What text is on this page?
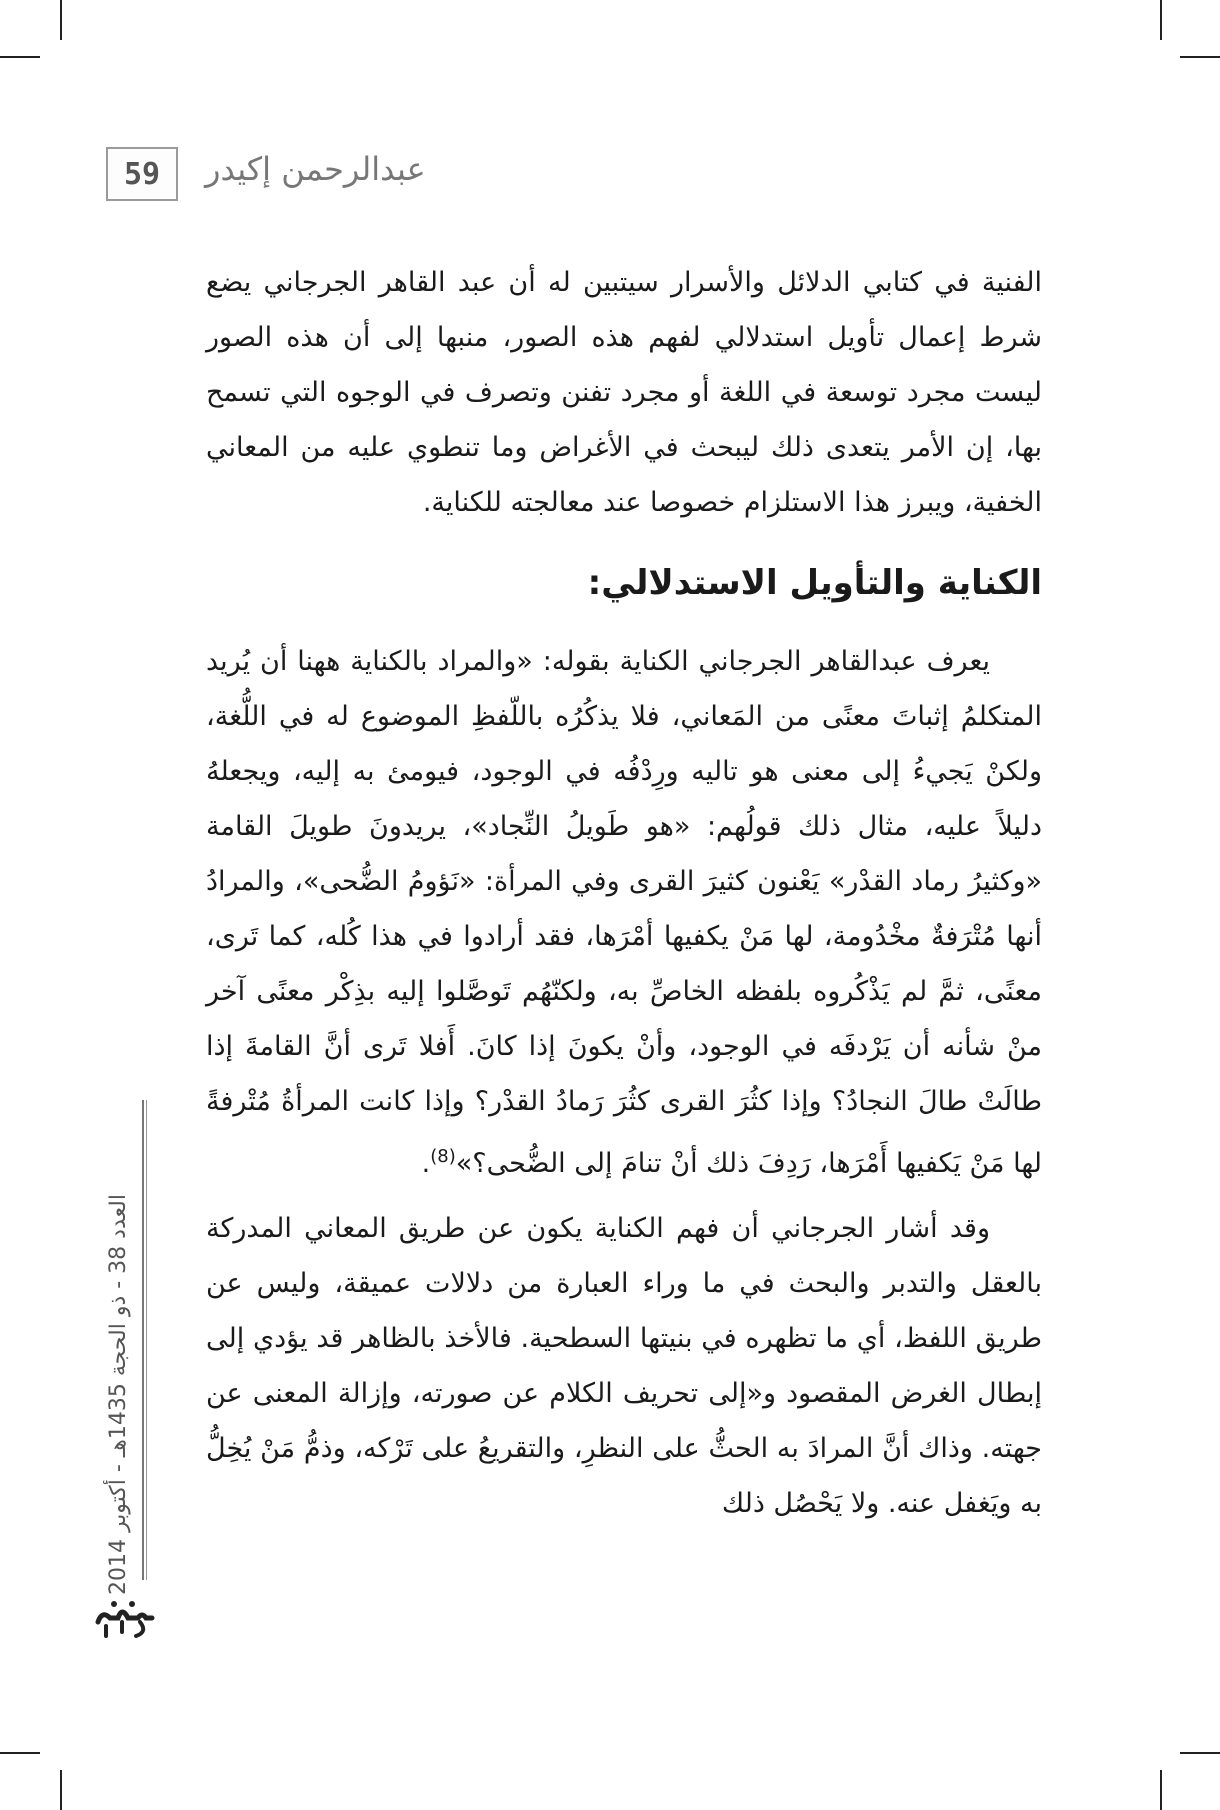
59	عبدالرحمن إكيدر

الفنية في كتابي الدلائل والأسرار سيتبين له أن عبد القاهر الجرجاني يضع شرط إعمال تأويل استدلالي لفهم هذه الصور، منبها إلى أن هذه الصور ليست مجرد توسعة في اللغة أو مجرد تفنن وتصرف في الوجوه التي تسمح بها، إن الأمر يتعدى ذلك ليبحث في الأغراض وما تنطوي عليه من المعاني الخفية، ويبرز هذا الاستلزام خصوصا عند معالجته للكناية.

الكناية والتأويل الاستدلالي:

يعرف عبدالقاهر الجرجاني الكناية بقوله: «والمراد بالكناية ههنا أن يُريد المتكلمُ إثباتَ معنًى من المَعاني، فلا يذكُرُه باللّفظِ الموضوع له في اللُّغة، ولكنْ يَجيءُ إلى معنى هو تاليه ورِدْفُه في الوجود، فيومئ به إليه، ويجعلهُ دليلاً عليه، مثال ذلك قولُهم: «هو طَويلُ النِّجاد»، يريدونَ طويلَ القامة «وكثيرُ رماد القدْر» يَعْنون كثيرَ القرى وفي المرأة: «نَؤومُ الضُّحى»، والمرادُ أنها مُتْرَفةٌ مخْدُومة، لها مَنْ يكفيها أمْرَها، فقد أرادوا في هذا كُله، كما تَرى، معنًى، ثمَّ لم يَذْكُروه بلفظه الخاصِّ به، ولكنّهُم تَوصَّلوا إليه بذِكْر معنًى آخر منْ شأنه أن يَرْدفَه في الوجود، وأنْ يكونَ إذا كانَ. أَفلا تَرى أنَّ القامةَ إذا طالَتْ طالَ النجادُ؟ وإذا كثُرَ القرى كثُرَ رَمادُ القدْر؟ وإذا كانت المرأةُ مُتْرفةً لها مَنْ يَكفيها أَمْرَها، رَدِفَ ذلك أنْ تنامَ إلى الضُّحى؟»$^{(8)}$.

وقد أشار الجرجاني أن فهم الكناية يكون عن طريق المعاني المدركة بالعقل والتدبر والبحث في ما وراء العبارة من دلالات عميقة، وليس عن طريق اللفظ، أي ما تظهره في بنيتها السطحية. فالأخذ بالظاهر قد يؤدي إلى إبطال الغرض المقصود و«إلى تحريف الكلام عن صورته، وإزالة المعنى عن جهته. وذاك أنَّ المرادَ به الحثُّ على النظرِ، والتقريعُ على تَرْكه، وذمُّ مَنْ يُخِلُّ به ويَغفل عنه. ولا يَحْصُل ذلك

العدد 38 - ذو الحجة 1435هـ - أكتوبر 2014
